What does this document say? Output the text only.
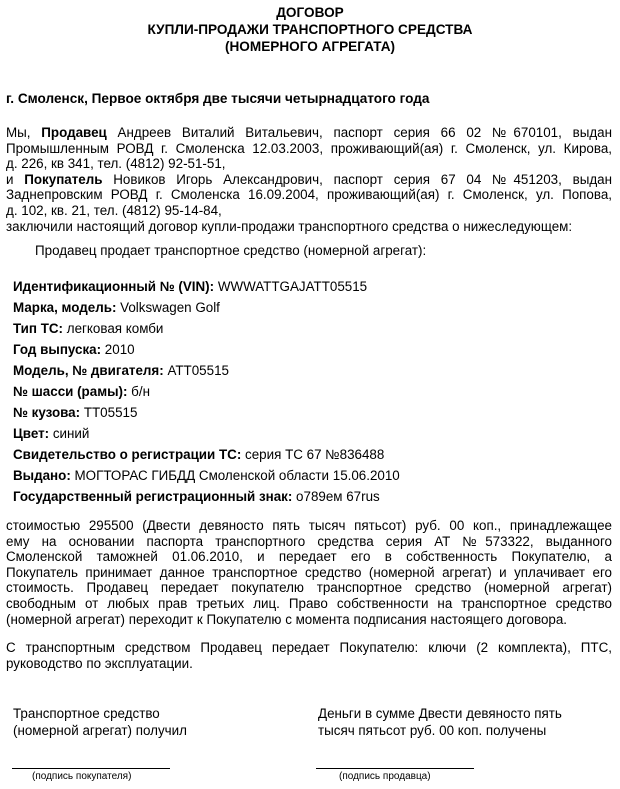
ДОГОВОР
КУПЛИ-ПРОДАЖИ ТРАНСПОРТНОГО СРЕДСТВА
(НОМЕРНОГО АГРЕГАТА)
г. Смоленск, Первое октября две тысячи четырнадцатого года
Мы, Продавец Андреев Виталий Витальевич, паспорт серия 66 02 №670101, выдан
Промышленным РОВД г. Смоленска 12.03.2003, проживающий(ая) г. Смоленск, ул. Кирова,
д. 226, кв 341, тел. (4812) 92-51-51,
и Покупатель Новиков Игорь Александрович, паспорт серия 67 04 №451203, выдан
Заднепровским РОВД г. Смоленска 16.09.2004, проживающий(ая) г. Смоленск, ул. Попова,
д. 102, кв. 21, тел. (4812) 95-14-84,
заключили настоящий договор купли-продажи транспортного средства о нижеследующем:
Продавец продает транспортное средство (номерной агрегат):
Идентификационный № (VIN): WWWATTGAJATT05515
Марка, модель: Volkswagen Golf
Тип ТС: легковая комби
Год выпуска: 2010
Модель, № двигателя: ATT05515
№ шасси (рамы): б/н
№ кузова: TT05515
Цвет: синий
Свидетельство о регистрации ТС: серия ТС 67 №836488
Выдано: МОГТОРАС ГИБДД Смоленской области 15.06.2010
Государственный регистрационный знак: о789ем 67rus
стоимостью 295500 (Двести девяносто пять тысяч пятьсот) руб. 00 коп., принадлежащее
ему на основании паспорта транспортного средства серия АТ №573322, выданного
Смоленской таможней 01.06.2010, и передает его в собственность Покупателю, а
Покупатель принимает данное транспортное средство (номерной агрегат) и уплачивает его
стоимость. Продавец передает покупателю транспортное средство (номерной агрегат)
свободным от любых прав третьих лиц. Право собственности на транспортное средство
(номерной агрегат) переходит к Покупателю с момента подписания настоящего договора.
С транспортным средством Продавец передает Покупателю: ключи (2 комплекта), ПТС,
руководство по эксплуатации.
Транспортное средство
(номерной агрегат) получил
Деньги в сумме Двести девяносто пять
тысяч пятьсот руб. 00 коп. получены
(подпись покупателя)	(подпись продавца)
